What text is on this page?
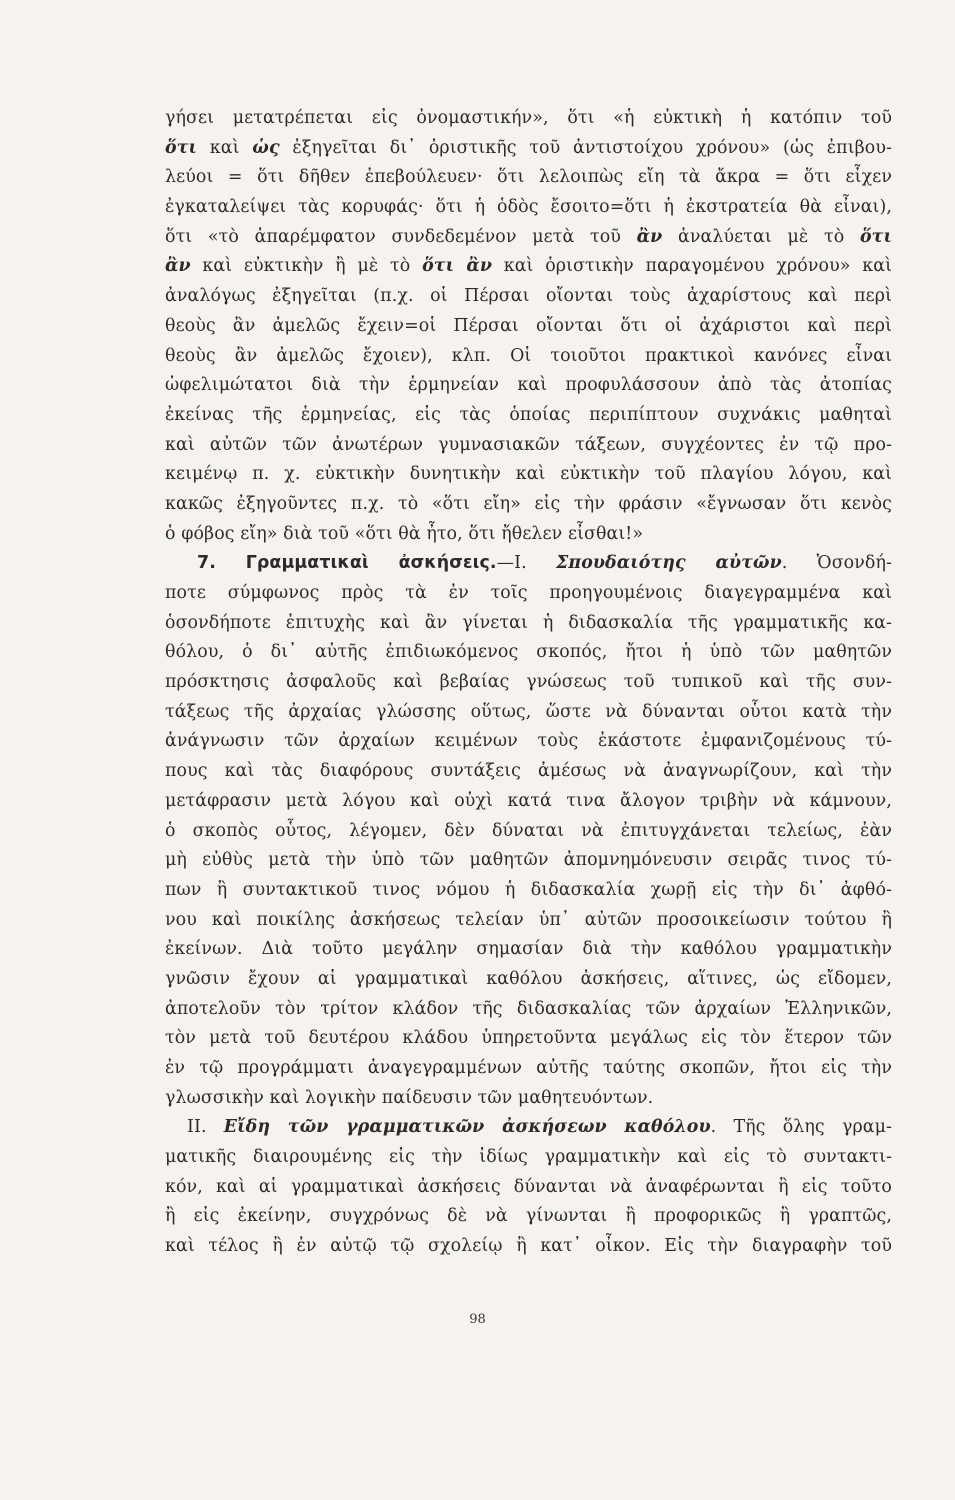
γήσει μετατρέπεται εἰς ὀνομαστικήν», ὅτι «ἡ εὐκτικὴ ἡ κατόπιν τοῦ
ὅτι καὶ ὡς ἐξηγεῖται δι᾿ ὁριστικῆς τοῦ ἀντιστοίχου χρόνου» (ὡς ἐπιβου-
λεύοι = ὅτι δῆθεν ἐπεβούλευεν· ὅτι λελοιπὼς εἴη τὰ ἄκρα = ὅτι εἶχεν
ἐγκαταλείψει τὰς κορυφάς· ὅτι ἡ ὁδὸς ἔσοιτο=ὅτι ἡ ἐκστρατεία θὰ εἶναι),
ὅτι «τὸ ἀπαρέμφατον συνδεδεμένον μετὰ τοῦ ἂν ἀναλύεται μὲ τὸ ὅτι
ἂν καὶ εὐκτικὴν ἢ μὲ τὸ ὅτι ἂν καὶ ὁριστικὴν παραγομένου χρόνου» καὶ
ἀναλόγως ἐξηγεῖται (π.χ. οἱ Πέρσαι οἴονται τοὺς ἀχαρίστους καὶ περὶ
θεοὺς ἂν ἀμελῶς ἔχειν=οἱ Πέρσαι οἴονται ὅτι οἱ ἀχάριστοι καὶ περὶ
θεοὺς ἂν ἀμελῶς ἔχοιεν), κλπ. Οἱ τοιοῦτοι πρακτικοὶ κανόνες εἶναι
ὠφελιμώτατοι διὰ τὴν ἑρμηνείαν καὶ προφυλάσσουν ἀπὸ τὰς ἀτοπίας
ἐκείνας τῆς ἑρμηνείας, εἰς τὰς ὁποίας περιπίπτουν συχνάκις μαθηταὶ
καὶ αὐτῶν τῶν ἀνωτέρων γυμνασιακῶν τάξεων, συγχέοντες ἐν τῷ προ-
κειμένῳ π. χ. εὐκτικὴν δυνητικὴν καὶ εὐκτικὴν τοῦ πλαγίου λόγου, καὶ
κακῶς ἐξηγοῦντες π.χ. τὸ «ὅτι εἴη» εἰς τὴν φράσιν «ἔγνωσαν ὅτι κενὸς
ὁ φόβος εἴη» διὰ τοῦ «ὅτι θὰ ἦτο, ὅτι ἤθελεν εἶσθαι!»
7. Γραμματικαὶ ἀσκήσεις.—Ι. Σπουδαιότης αὐτῶν. Ὁσονδή-
ποτε σύμφωνος πρὸς τὰ ἐν τοῖς προηγουμένοις διαγεγραμμένα καὶ
ὁσονδήποτε ἐπιτυχὴς καὶ ἂν γίνεται ἡ διδασκαλία τῆς γραμματικῆς κα-
θόλου, ὁ δι᾿ αὐτῆς ἐπιδιωκόμενος σκοπός, ἤτοι ἡ ὑπὸ τῶν μαθητῶν
πρόσκτησις ἀσφαλοῦς καὶ βεβαίας γνώσεως τοῦ τυπικοῦ καὶ τῆς συν-
τάξεως τῆς ἀρχαίας γλώσσης οὕτως, ὥστε νὰ δύνανται οὗτοι κατὰ τὴν
ἀνάγνωσιν τῶν ἀρχαίων κειμένων τοὺς ἑκάστοτε ἐμφανιζομένους τύ-
πους καὶ τὰς διαφόρους συντάξεις ἀμέσως νὰ ἀναγνωρίζουν, καὶ τὴν
μετάφρασιν μετὰ λόγου καὶ οὐχὶ κατά τινα ἄλογον τριβὴν νὰ κάμνουν,
ὁ σκοπὸς οὗτος, λέγομεν, δὲν δύναται νὰ ἐπιτυγχάνεται τελείως, ἐὰν
μὴ εὐθὺς μετὰ τὴν ὑπὸ τῶν μαθητῶν ἀπομνημόνευσιν σειρᾶς τινος τύ-
πων ἢ συντακτικοῦ τινος νόμου ἡ διδασκαλία χωρῇ εἰς τὴν δι᾿ ἀφθό-
νου καὶ ποικίλης ἀσκήσεως τελείαν ὑπ᾿ αὐτῶν προσοικείωσιν τούτου ἢ
ἐκείνων. Διὰ τοῦτο μεγάλην σημασίαν διὰ τὴν καθόλου γραμματικὴν
γνῶσιν ἔχουν αἱ γραμματικαὶ καθόλου ἀσκήσεις, αἵτινες, ὡς εἴδομεν,
ἀποτελοῦν τὸν τρίτον κλάδον τῆς διδασκαλίας τῶν ἀρχαίων Ἑλληνικῶν,
τὸν μετὰ τοῦ δευτέρου κλάδου ὑπηρετοῦντα μεγάλως εἰς τὸν ἕτερον τῶν
ἐν τῷ προγράμματι ἀναγεγραμμένων αὐτῆς ταύτης σκοπῶν, ἤτοι εἰς τὴν
γλωσσικὴν καὶ λογικὴν παίδευσιν τῶν μαθητευόντων.
ΙΙ. Εἴδη τῶν γραμματικῶν ἀσκήσεων καθόλου. Τῆς ὅλης γραμ-
ματικῆς διαιρουμένης εἰς τὴν ἰδίως γραμματικὴν καὶ εἰς τὸ συντακτι-
κόν, καὶ αἱ γραμματικαὶ ἀσκήσεις δύνανται νὰ ἀναφέρωνται ἢ εἰς τοῦτο
ἢ εἰς ἐκείνην, συγχρόνως δὲ νὰ γίνωνται ἢ προφορικῶς ἢ γραπτῶς,
καὶ τέλος ἢ ἐν αὐτῷ τῷ σχολείῳ ἢ κατ᾿ οἶκον. Εἰς τὴν διαγραφὴν τοῦ
98
